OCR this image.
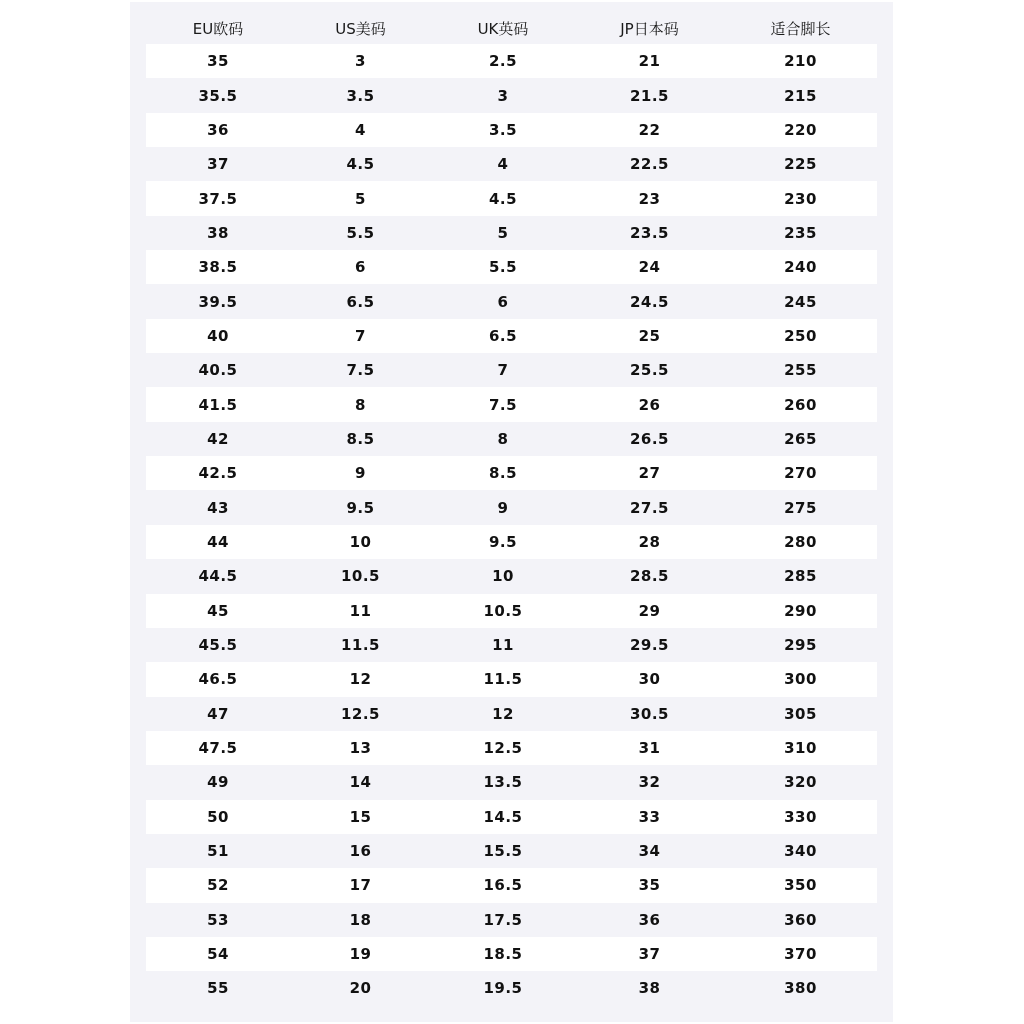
EU欧码	US美码	UK英码	JP日本码	适合脚长
35	3	2.5	21	210
35.5	3.5	3	21.5	215
36	4	3.5	22	220
37	4.5	4	22.5	225
37.5	5	4.5	23	230
38	5.5	5	23.5	235
38.5	6	5.5	24	240
39.5	6.5	6	24.5	245
40	7	6.5	25	250
40.5	7.5	7	25.5	255
41.5	8	7.5	26	260
42	8.5	8	26.5	265
42.5	9	8.5	27	270
43	9.5	9	27.5	275
44	10	9.5	28	280
44.5	10.5	10	28.5	285
45	11	10.5	29	290
45.5	11.5	11	29.5	295
46.5	12	11.5	30	300
47	12.5	12	30.5	305
47.5	13	12.5	31	310
49	14	13.5	32	320
50	15	14.5	33	330
51	16	15.5	34	340
52	17	16.5	35	350
53	18	17.5	36	360
54	19	18.5	37	370
55	20	19.5	38	380
